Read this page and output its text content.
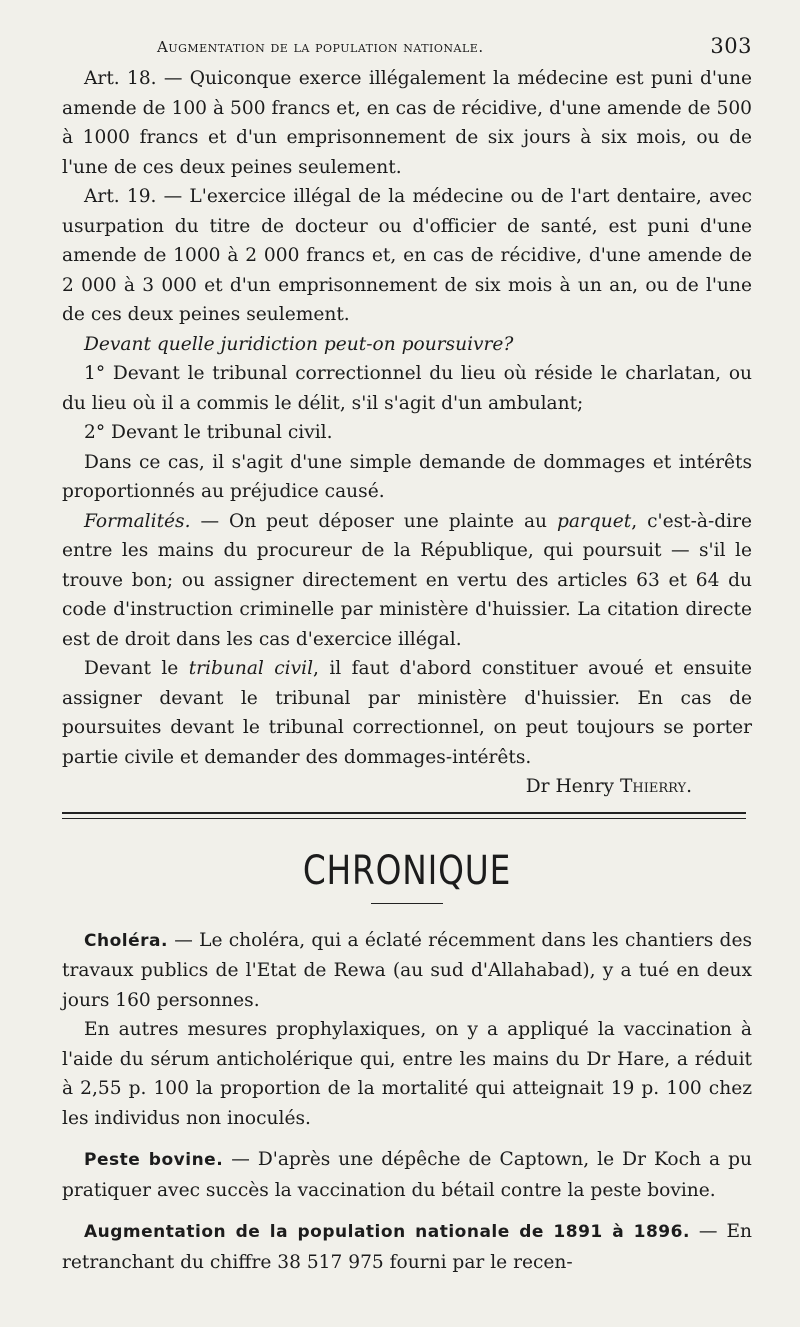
Augmentation de la population nationale.	303

Art. 18. — Quiconque exerce illégalement la médecine est puni d'une amende de 100 à 500 francs et, en cas de récidive, d'une amende de 500 à 1000 francs et d'un emprisonnement de six jours à six mois, ou de l'une de ces deux peines seulement.

Art. 19. — L'exercice illégal de la médecine ou de l'art dentaire, avec usurpation du titre de docteur ou d'officier de santé, est puni d'une amende de 1000 à 2 000 francs et, en cas de récidive, d'une amende de 2 000 à 3 000 et d'un emprisonnement de six mois à un an, ou de l'une de ces deux peines seulement.

Devant quelle juridiction peut-on poursuivre?

1° Devant le tribunal correctionnel du lieu où réside le charlatan, ou du lieu où il a commis le délit, s'il s'agit d'un ambulant;

2° Devant le tribunal civil.

Dans ce cas, il s'agit d'une simple demande de dommages et intérêts proportionnés au préjudice causé.

Formalités. — On peut déposer une plainte au parquet, c'est-à-dire entre les mains du procureur de la République, qui poursuit — s'il le trouve bon; ou assigner directement en vertu des articles 63 et 64 du code d'instruction criminelle par ministère d'huissier. La citation directe est de droit dans les cas d'exercice illégal.

Devant le tribunal civil, il faut d'abord constituer avoué et ensuite assigner devant le tribunal par ministère d'huissier. En cas de poursuites devant le tribunal correctionnel, on peut toujours se porter partie civile et demander des dommages-intérêts.

Dr Henry Thierry.

CHRONIQUE

Choléra. — Le choléra, qui a éclaté récemment dans les chantiers des travaux publics de l'Etat de Rewa (au sud d'Allahabad), y a tué en deux jours 160 personnes.

En autres mesures prophylaxiques, on y a appliqué la vaccination à l'aide du sérum anticholérique qui, entre les mains du Dr Hare, a réduit à 2,55 p. 100 la proportion de la mortalité qui atteignait 19 p. 100 chez les individus non inoculés.

Peste bovine. — D'après une dépêche de Captown, le Dr Koch a pu pratiquer avec succès la vaccination du bétail contre la peste bovine.

Augmentation de la population nationale de 1891 à 1896. — En retranchant du chiffre 38 517 975 fourni par le recen-
